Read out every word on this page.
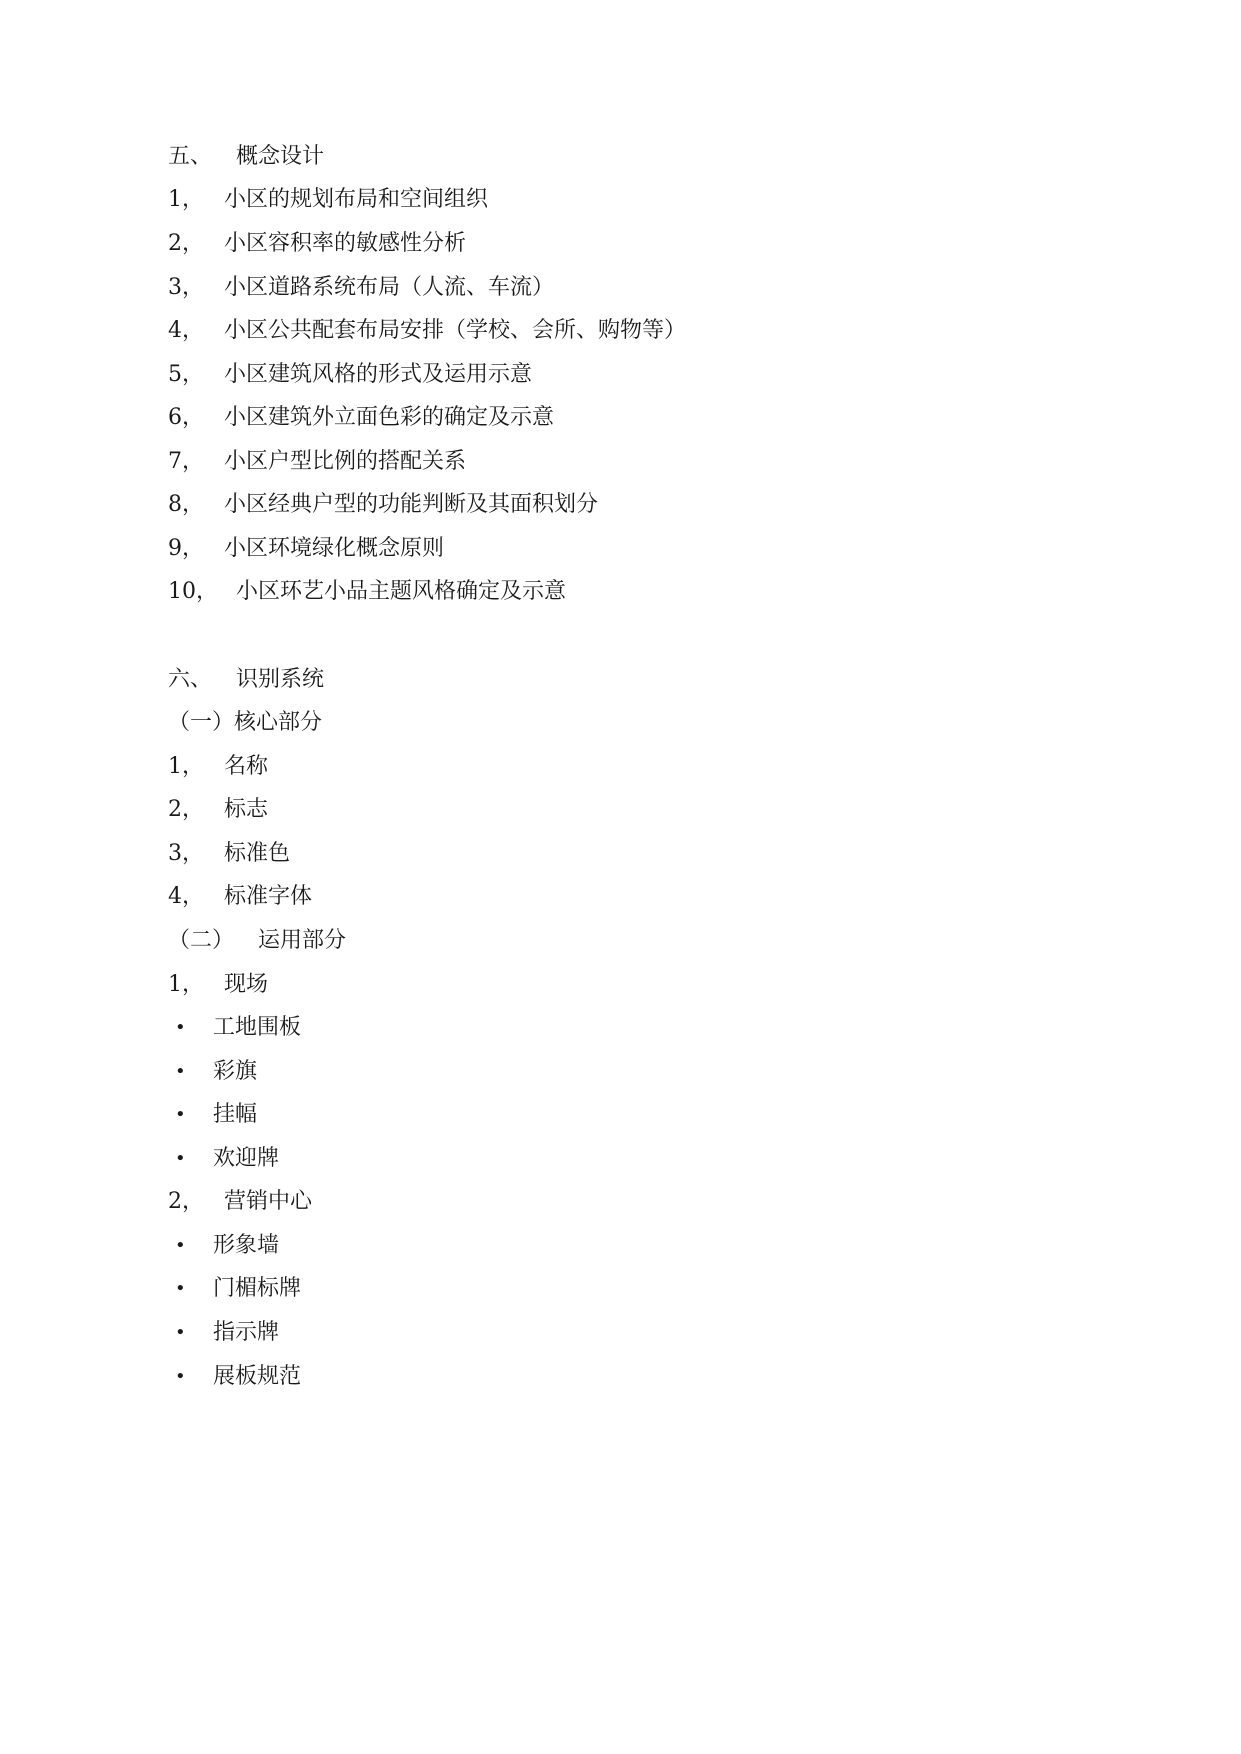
五、 概念设计
1， 小区的规划布局和空间组织
2， 小区容积率的敏感性分析
3， 小区道路系统布局（人流、车流）
4， 小区公共配套布局安排（学校、会所、购物等）
5， 小区建筑风格的形式及运用示意
6， 小区建筑外立面色彩的确定及示意
7， 小区户型比例的搭配关系
8， 小区经典户型的功能判断及其面积划分
9， 小区环境绿化概念原则
10， 小区环艺小品主题风格确定及示意
六、 识别系统
（一）核心部分
1， 名称
2， 标志
3， 标准色
4， 标准字体
（二） 运用部分
1， 现场
• 工地围板
• 彩旗
• 挂幅
• 欢迎牌
2， 营销中心
• 形象墙
• 门楣标牌
• 指示牌
• 展板规范
